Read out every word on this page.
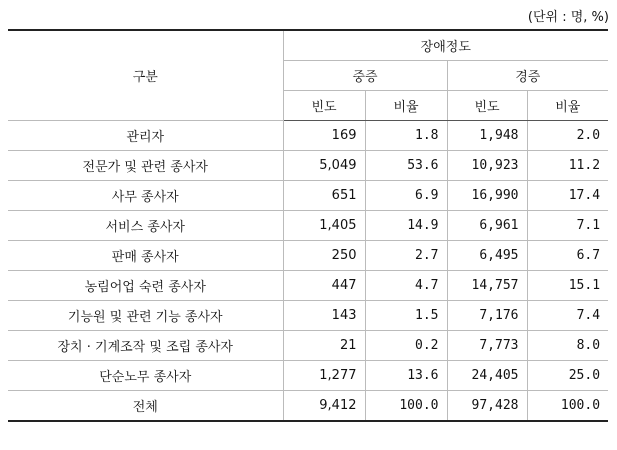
(단위 : 명, %)
구분	장애정도			
	중증		경증	
	빈도	비율	빈도	비율
관리자	169	1.8	1,948	2.0
전문가 및 관련 종사자	5,049	53.6	10,923	11.2
사무 종사자	651	6.9	16,990	17.4
서비스 종사자	1,405	14.9	6,961	7.1
판매 종사자	250	2.7	6,495	6.7
농림어업 숙련 종사자	447	4.7	14,757	15.1
기능원 및 관련 기능 종사자	143	1.5	7,176	7.4
장치 · 기계조작 및 조립 종사자	21	0.2	7,773	8.0
단순노무 종사자	1,277	13.6	24,405	25.0
전체	9,412	100.0	97,428	100.0
